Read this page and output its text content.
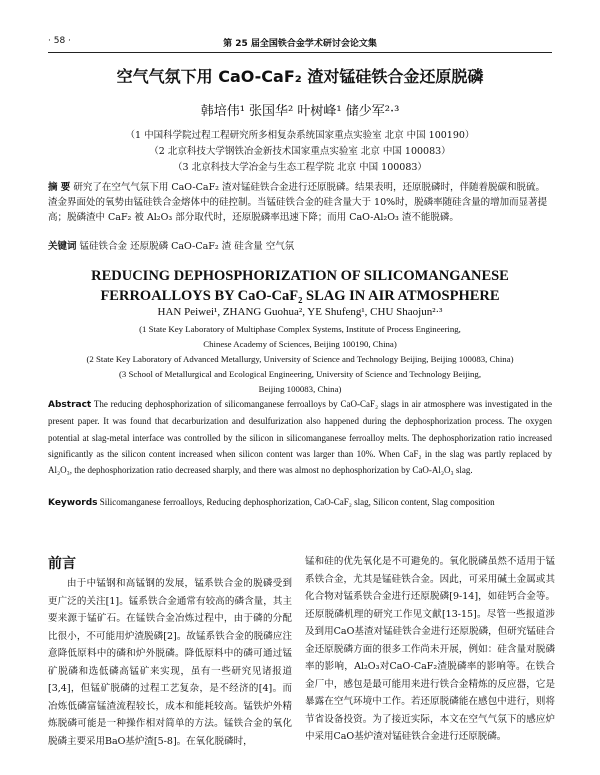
· 58 ·	第 25 届全国铁合金学术研讨会论文集
空气气氛下用 CaO-CaF₂ 渣对锰硅铁合金还原脱磷
韩培伟¹ 张国华² 叶树峰¹ 储少军²·³
（1 中国科学院过程工程研究所多相复杂系统国家重点实验室 北京 中国 100190）
（2 北京科技大学钢铁冶金新技术国家重点实验室 北京 中国 100083）
（3 北京科技大学冶金与生态工程学院 北京 中国 100083）
摘 要 研究了在空气气氛下用 CaO-CaF₂ 渣对锰硅铁合金进行还原脱磷。结果表明，还原脱磷时，伴随着脱碳和脱硫。渣金界面处的氧势由锰硅铁合金熔体中的硅控制。当锰硅铁合金的硅含量大于 10%时，脱磷率随硅含量的增加而显著提高；脱磷渣中 CaF₂ 被 Al₂O₃ 部分取代时，还原脱磷率迅速下降；而用 CaO-Al₂O₃ 渣不能脱磷。
关键词 锰硅铁合金 还原脱磷 CaO-CaF₂ 渣 硅含量 空气氛
REDUCING DEPHOSPHORIZATION OF SILICOMANGANESE FERROALLOYS BY CaO-CaF₂ SLAG IN AIR ATMOSPHERE
HAN Peiwei¹, ZHANG Guohua², YE Shufeng¹, CHU Shaojun²·³
(1 State Key Laboratory of Multiphase Complex Systems, Institute of Process Engineering,
Chinese Academy of Sciences, Beijing 100190, China)
(2 State Key Laboratory of Advanced Metallurgy, University of Science and Technology Beijing, Beijing 100083, China)
(3 School of Metallurgical and Ecological Engineering, University of Science and Technology Beijing,
Beijing 100083, China)
Abstract The reducing dephosphorization of silicomanganese ferroalloys by CaO-CaF₂ slags in air atmosphere was investigated in the present paper. It was found that decarburization and desulfurization also happened during the dephosphorization process. The oxygen potential at slag-metal interface was controlled by the silicon in silicomanganese ferroalloy melts. The dephosphorization ratio increased significantly as the silicon content increased when silicon content was larger than 10%. When CaF₂ in the slag was partly replaced by Al₂O₃, the dephosphorization ratio decreased sharply, and there was almost no dephosphorization by CaO-Al₂O₃ slag.
Keywords Silicomanganese ferroalloys, Reducing dephosphorization, CaO-CaF₂ slag, Silicon content, Slag composition
前言

由于中锰钢和高锰钢的发展，锰系铁合金的脱磷受到更广泛的关注[1]。锰系铁合金通常有较高的磷含量，其主要来源于锰矿石。在锰铁合金冶炼过程中，由于磷的分配比很小，不可能用炉渣脱磷[2]。故锰系铁合金的脱磷应注意降低原料中的磷和炉外脱磷。降低原料中的磷可通过锰矿脱磷和选低磷高锰矿来实现，虽有一些研究见诸报道[3,4]，但锰矿脱磷的过程工艺复杂，是不经济的[4]。而冶炼低磷富锰渣流程较长，成本和能耗较高。锰铁炉外精炼脱磷可能是一种操作相对简单的方法。锰铁合金的氧化脱磷主要采用BaO基炉渣[5-8]。在氧化脱磷时，

锰和硅的优先氧化是不可避免的。氧化脱磷虽然不适用于锰系铁合金，尤其是锰硅铁合金。因此，可采用碱土金属或其化合物对锰系铁合金进行还原脱磷[9-14]，如硅钙合金等。还原脱磷机理的研究工作见文献[13-15]。尽管一些报道涉及到用CaO基渣对锰硅铁合金进行还原脱磷，但研究锰硅合金还原脱磷方面的很多工作尚未开展，例如：硅含量对脱磷率的影响，Al₂O₃对CaO-CaF₂渣脱磷率的影响等。在铁合金厂中，感包是最可能用来进行铁合金精炼的反应器，它是暴露在空气环境中工作。若还原脱磷能在感包中进行，则将节省设备投资。为了接近实际，本文在空气气氛下的感应炉中采用CaO基炉渣对锰硅铁合金进行还原脱磷。
